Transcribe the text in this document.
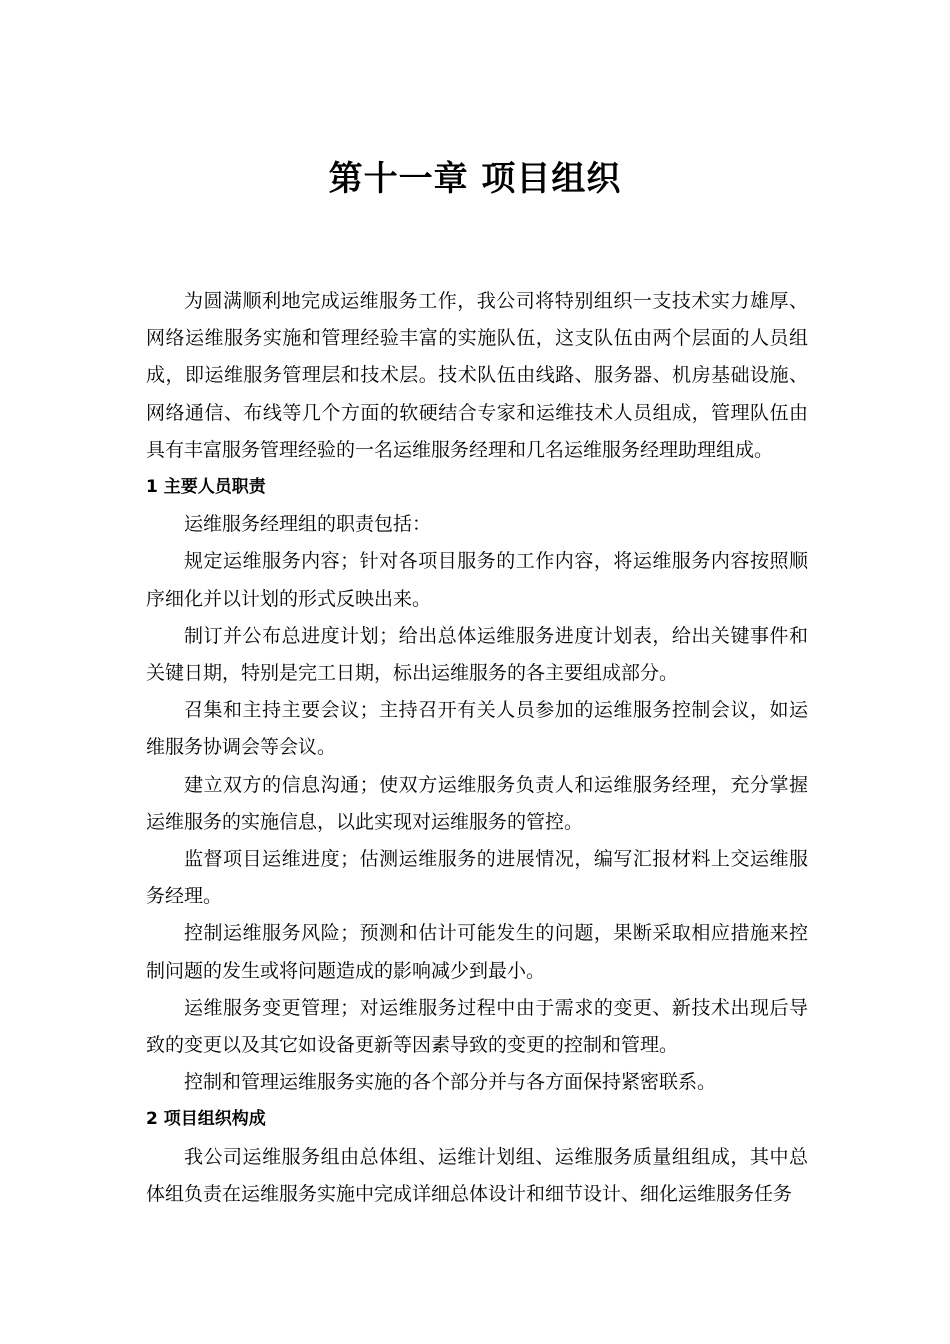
第十一章 项目组织

为圆满顺利地完成运维服务工作，我公司将特别组织一支技术实力雄厚、网络运维服务实施和管理经验丰富的实施队伍，这支队伍由两个层面的人员组成，即运维服务管理层和技术层。技术队伍由线路、服务器、机房基础设施、网络通信、布线等几个方面的软硬结合专家和运维技术人员组成，管理队伍由具有丰富服务管理经验的一名运维服务经理和几名运维服务经理助理组成。

1 主要人员职责

运维服务经理组的职责包括：

规定运维服务内容；针对各项目服务的工作内容，将运维服务内容按照顺序细化并以计划的形式反映出来。

制订并公布总进度计划；给出总体运维服务进度计划表，给出关键事件和关键日期，特别是完工日期，标出运维服务的各主要组成部分。

召集和主持主要会议；主持召开有关人员参加的运维服务控制会议，如运维服务协调会等会议。

建立双方的信息沟通；使双方运维服务负责人和运维服务经理，充分掌握运维服务的实施信息，以此实现对运维服务的管控。

监督项目运维进度；估测运维服务的进展情况，编写汇报材料上交运维服务经理。

控制运维服务风险；预测和估计可能发生的问题，果断采取相应措施来控制问题的发生或将问题造成的影响减少到最小。

运维服务变更管理；对运维服务过程中由于需求的变更、新技术出现后导致的变更以及其它如设备更新等因素导致的变更的控制和管理。

控制和管理运维服务实施的各个部分并与各方面保持紧密联系。

2 项目组织构成

我公司运维服务组由总体组、运维计划组、运维服务质量组组成，其中总体组负责在运维服务实施中完成详细总体设计和细节设计、细化运维服务任务
